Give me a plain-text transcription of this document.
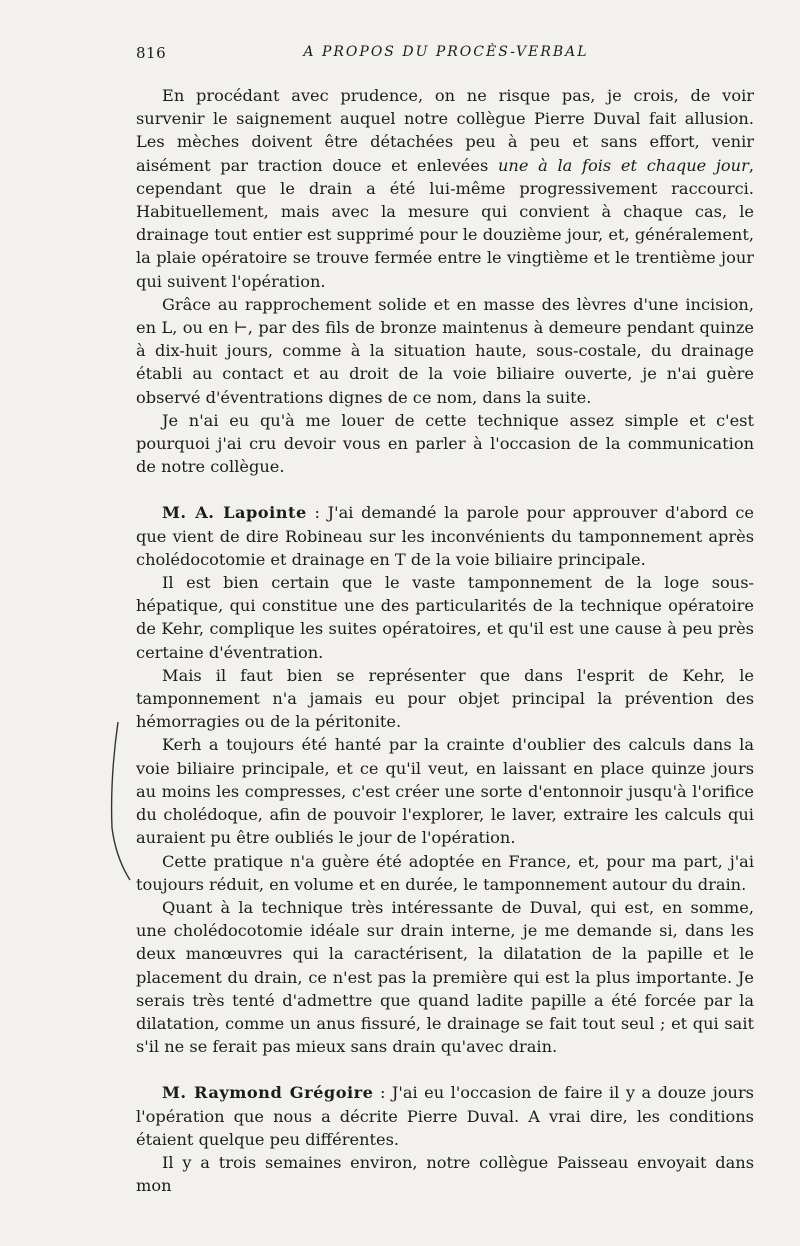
816	A PROPOS DU PROCÈS-VERBAL

En procédant avec prudence, on ne risque pas, je crois, de voir survenir le saignement auquel notre collègue Pierre Duval fait allusion. Les mèches doivent être détachées peu à peu et sans effort, venir aisément par traction douce et enlevées une à la fois et chaque jour, cependant que le drain a été lui-même progressivement raccourci. Habituellement, mais avec la mesure qui convient à chaque cas, le drainage tout entier est supprimé pour le douzième jour, et, généralement, la plaie opératoire se trouve fermée entre le vingtième et le trentième jour qui suivent l'opération.

Grâce au rapprochement solide et en masse des lèvres d'une incision, en L, ou en ⊢, par des fils de bronze maintenus à demeure pendant quinze à dix-huit jours, comme à la situation haute, sous-costale, du drainage établi au contact et au droit de la voie biliaire ouverte, je n'ai guère observé d'éventrations dignes de ce nom, dans la suite.

Je n'ai eu qu'à me louer de cette technique assez simple et c'est pourquoi j'ai cru devoir vous en parler à l'occasion de la communication de notre collègue.

M. A. Lapointe : J'ai demandé la parole pour approuver d'abord ce que vient de dire Robineau sur les inconvénients du tamponnement après cholédocotomie et drainage en T de la voie biliaire principale.

Il est bien certain que le vaste tamponnement de la loge sous-hépatique, qui constitue une des particularités de la technique opératoire de Kehr, complique les suites opératoires, et qu'il est une cause à peu près certaine d'éventration.

Mais il faut bien se représenter que dans l'esprit de Kehr, le tamponnement n'a jamais eu pour objet principal la prévention des hémorragies ou de la péritonite.

Kerh a toujours été hanté par la crainte d'oublier des calculs dans la voie biliaire principale, et ce qu'il veut, en laissant en place quinze jours au moins les compresses, c'est créer une sorte d'entonnoir jusqu'à l'orifice du cholédoque, afin de pouvoir l'explorer, le laver, extraire les calculs qui auraient pu être oubliés le jour de l'opération.

Cette pratique n'a guère été adoptée en France, et, pour ma part, j'ai toujours réduit, en volume et en durée, le tamponnement autour du drain.

Quant à la technique très intéressante de Duval, qui est, en somme, une cholédocotomie idéale sur drain interne, je me demande si, dans les deux manœuvres qui la caractérisent, la dilatation de la papille et le placement du drain, ce n'est pas la première qui est la plus importante. Je serais très tenté d'admettre que quand ladite papille a été forcée par la dilatation, comme un anus fissuré, le drainage se fait tout seul ; et qui sait s'il ne se ferait pas mieux sans drain qu'avec drain.

M. Raymond Grégoire : J'ai eu l'occasion de faire il y a douze jours l'opération que nous a décrite Pierre Duval. A vrai dire, les conditions étaient quelque peu différentes.

Il y a trois semaines environ, notre collègue Paisseau envoyait dans mon
